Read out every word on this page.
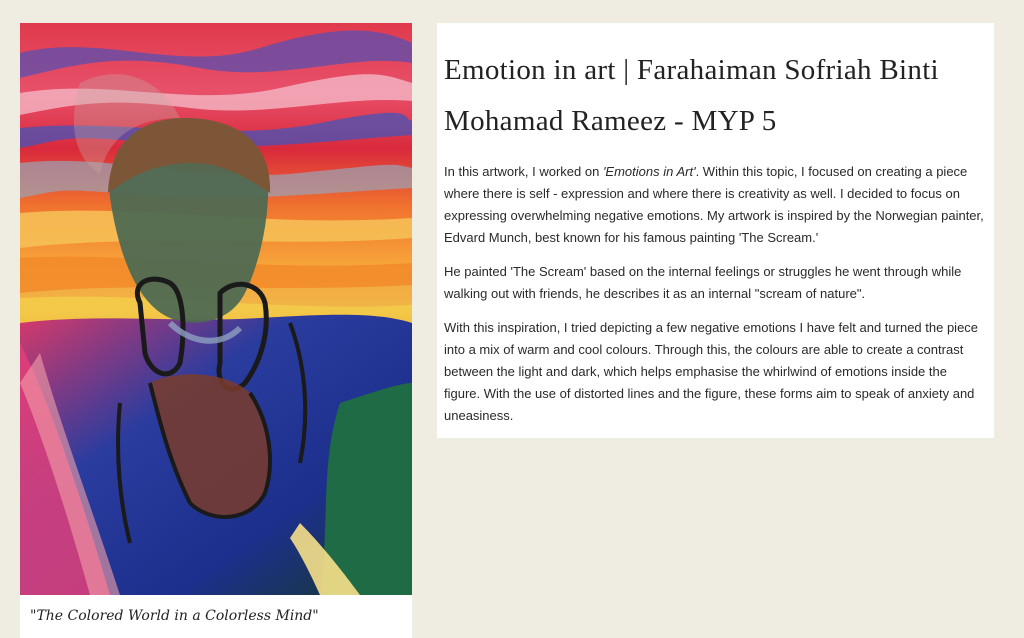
"The Colored World in a Colorless Mind"
Emotion in art | Farahaiman Sofriah Binti Mohamad Rameez - MYP 5

In this artwork, I worked on 'Emotions in Art'. Within this topic, I focused on creating a piece where there is self - expression and where there is creativity as well. I decided to focus on expressing overwhelming negative emotions. My artwork is inspired by the Norwegian painter, Edvard Munch, best known for his famous painting 'The Scream.'

He painted 'The Scream' based on the internal feelings or struggles he went through while walking out with friends, he describes it as an internal "scream of nature".

With this inspiration, I tried depicting a few negative emotions I have felt and turned the piece into a mix of warm and cool colours. Through this, the colours are able to create a contrast between the light and dark, which helps emphasise the whirlwind of emotions inside the figure. With the use of distorted lines and the figure, these forms aim to speak of anxiety and uneasiness.
